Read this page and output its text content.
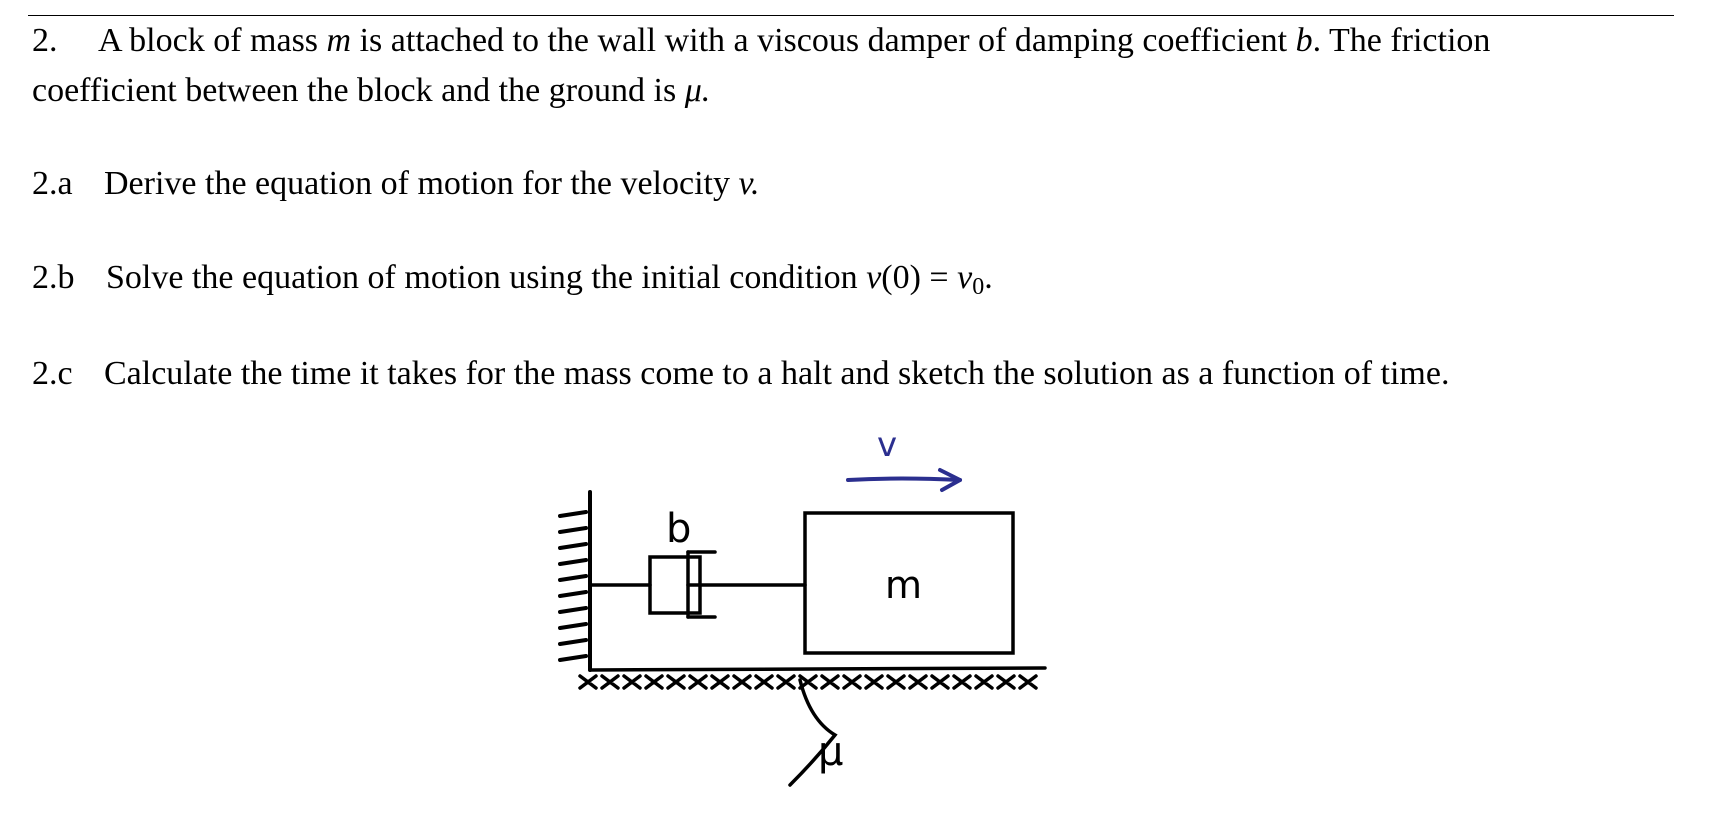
2. A block of mass m is attached to the wall with a viscous damper of damping coefficient b. The friction
coefficient between the block and the ground is μ.
2.a Derive the equation of motion for the velocity v.
2.b Solve the equation of motion using the initial condition v(0) = v0.
2.c Calculate the time it takes for the mass come to a halt and sketch the solution as a function of time.
v
b
m
μ
